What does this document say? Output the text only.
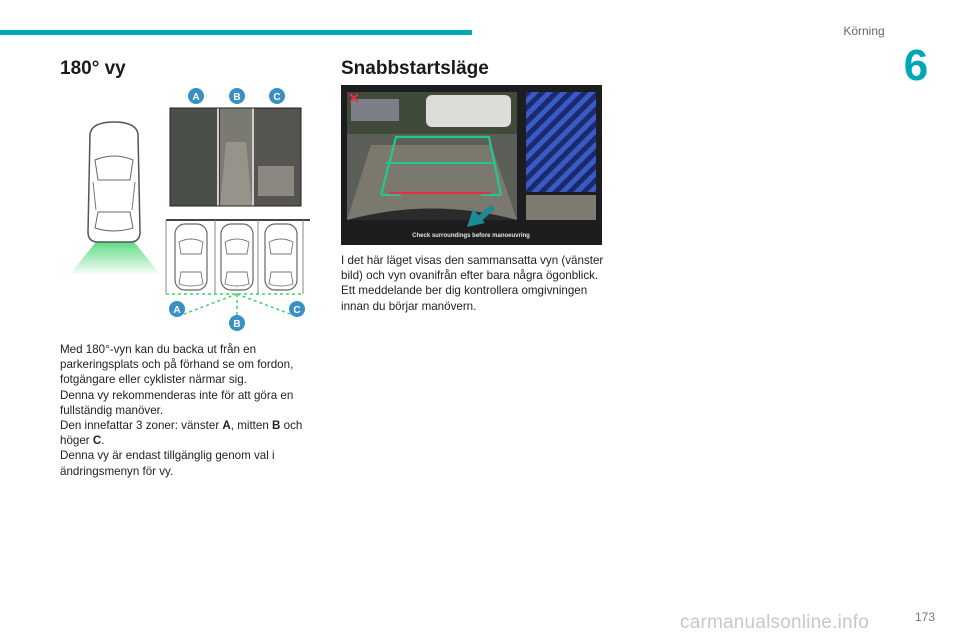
Körning
6
180° vy
A	B	C
A
B
C

Med 180°-vyn kan du backa ut från en parkeringsplats och på förhand se om fordon, fotgängare eller cyklister närmar sig.
Denna vy rekommenderas inte för att göra en fullständig manöver.
Den innefattar 3 zoner: vänster A, mitten B och höger C.
Denna vy är endast tillgänglig genom val i ändringsmenyn för vy.

Snabbstartsläge
Check surroundings before manoeuvring

I det här läget visas den sammansatta vyn (vänster bild) och vyn ovanifrån efter bara några ögonblick.
Ett meddelande ber dig kontrollera omgivningen innan du börjar manövern.

173
carmanualsonline.info
